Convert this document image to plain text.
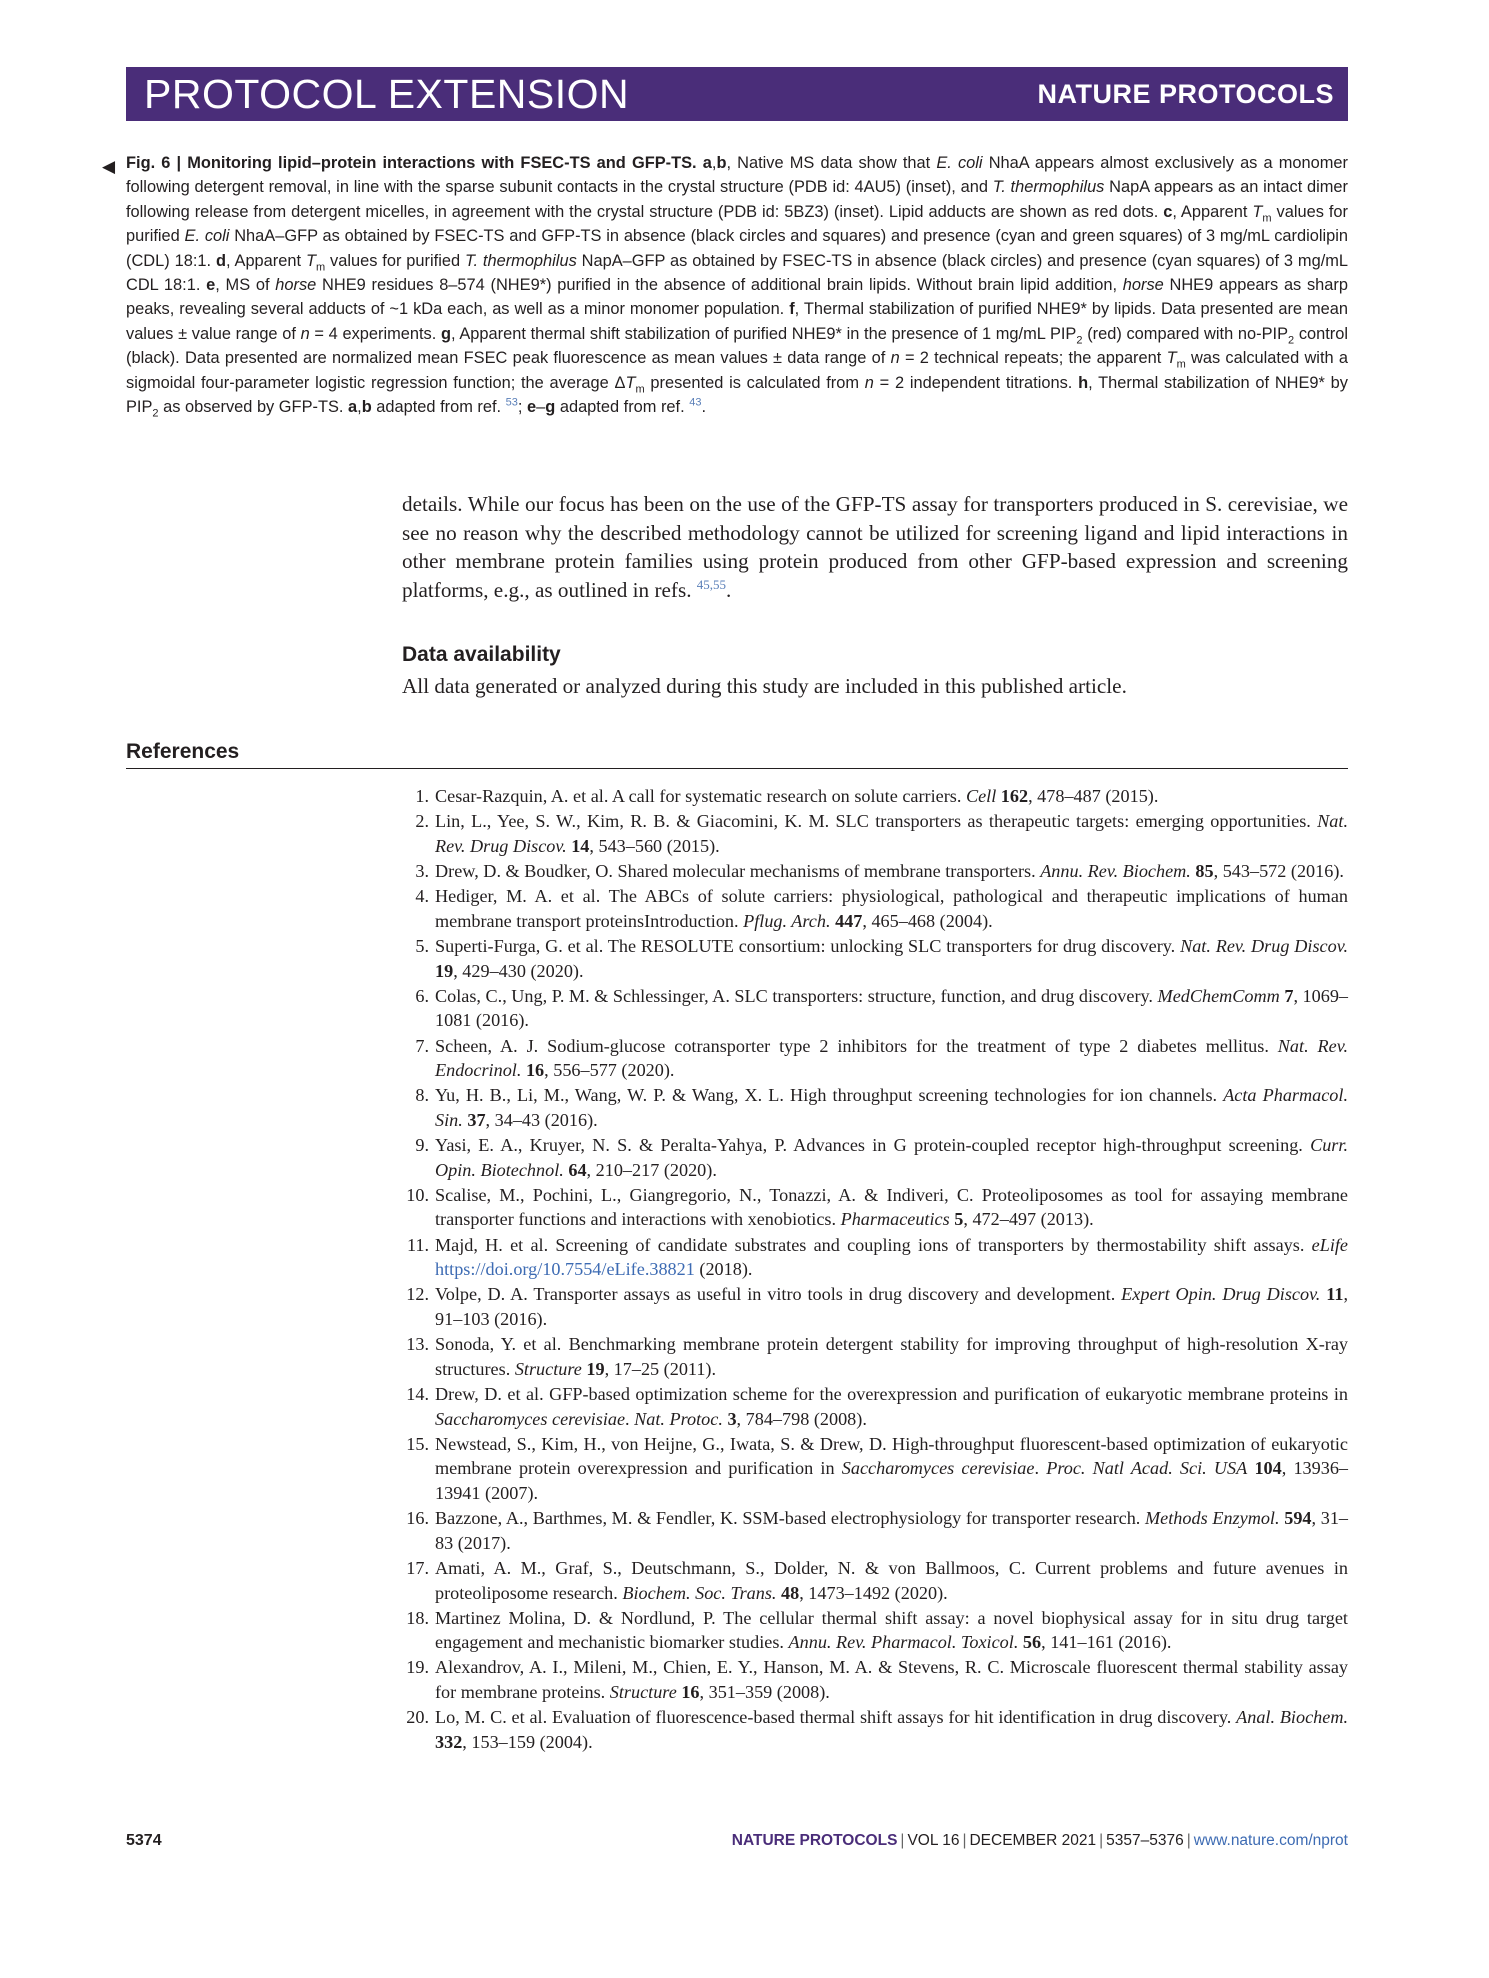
PROTOCOL EXTENSION	NATURE PROTOCOLS
◀ Fig. 6 | Monitoring lipid–protein interactions with FSEC-TS and GFP-TS. a,b, Native MS data show that E. coli NhaA appears almost exclusively as a monomer following detergent removal, in line with the sparse subunit contacts in the crystal structure (PDB id: 4AU5) (inset), and T. thermophilus NapA appears as an intact dimer following release from detergent micelles, in agreement with the crystal structure (PDB id: 5BZ3) (inset). Lipid adducts are shown as red dots. c, Apparent $T_m$ values for purified E. coli NhaA–GFP as obtained by FSEC-TS and GFP-TS in absence (black circles and squares) and presence (cyan and green squares) of 3 mg/mL cardiolipin (CDL) 18:1. d, Apparent $T_m$ values for purified T. thermophilus NapA–GFP as obtained by FSEC-TS in absence (black circles) and presence (cyan squares) of 3 mg/mL CDL 18:1. e, MS of horse NHE9 residues 8–574 (NHE9*) purified in the absence of additional brain lipids. Without brain lipid addition, horse NHE9 appears as sharp peaks, revealing several adducts of ~1 kDa each, as well as a minor monomer population. f, Thermal stabilization of purified NHE9* by lipids. Data presented are mean values ± value range of n = 4 experiments. g, Apparent thermal shift stabilization of purified NHE9* in the presence of 1 mg/mL $PIP_2$ (red) compared with $no-PIP_2$ control (black). Data presented are normalized mean FSEC peak fluorescence as mean values ± data range of n = 2 technical repeats; the apparent $T_m$ was calculated with a sigmoidal four-parameter logistic regression function; the average $\Delta T_m$ presented is calculated from n = 2 independent titrations. h, Thermal stabilization of NHE9* by $PIP_2$ as observed by GFP-TS. a,b adapted from ref. $^{53}$; e–g adapted from ref. $^{43}$.
details. While our focus has been on the use of the GFP-TS assay for transporters produced in S. cerevisiae, we see no reason why the described methodology cannot be utilized for screening ligand and lipid interactions in other membrane protein families using protein produced from other GFP-based expression and screening platforms, e.g., as outlined in refs. $^{45,55}$.
Data availability
All data generated or analyzed during this study are included in this published article.
References
1. Cesar-Razquin, A. et al. A call for systematic research on solute carriers. Cell 162, 478–487 (2015).
2. Lin, L., Yee, S. W., Kim, R. B. & Giacomini, K. M. SLC transporters as therapeutic targets: emerging opportunities. Nat. Rev. Drug Discov. 14, 543–560 (2015).
3. Drew, D. & Boudker, O. Shared molecular mechanisms of membrane transporters. Annu. Rev. Biochem. 85, 543–572 (2016).
4. Hediger, M. A. et al. The ABCs of solute carriers: physiological, pathological and therapeutic implications of human membrane transport proteinsIntroduction. Pflug. Arch. 447, 465–468 (2004).
5. Superti-Furga, G. et al. The RESOLUTE consortium: unlocking SLC transporters for drug discovery. Nat. Rev. Drug Discov. 19, 429–430 (2020).
6. Colas, C., Ung, P. M. & Schlessinger, A. SLC transporters: structure, function, and drug discovery. MedChemComm 7, 1069–1081 (2016).
7. Scheen, A. J. Sodium-glucose cotransporter type 2 inhibitors for the treatment of type 2 diabetes mellitus. Nat. Rev. Endocrinol. 16, 556–577 (2020).
8. Yu, H. B., Li, M., Wang, W. P. & Wang, X. L. High throughput screening technologies for ion channels. Acta Pharmacol. Sin. 37, 34–43 (2016).
9. Yasi, E. A., Kruyer, N. S. & Peralta-Yahya, P. Advances in G protein-coupled receptor high-throughput screening. Curr. Opin. Biotechnol. 64, 210–217 (2020).
10. Scalise, M., Pochini, L., Giangregorio, N., Tonazzi, A. & Indiveri, C. Proteoliposomes as tool for assaying membrane transporter functions and interactions with xenobiotics. Pharmaceutics 5, 472–497 (2013).
11. Majd, H. et al. Screening of candidate substrates and coupling ions of transporters by thermostability shift assays. eLife https://doi.org/10.7554/eLife.38821 (2018).
12. Volpe, D. A. Transporter assays as useful in vitro tools in drug discovery and development. Expert Opin. Drug Discov. 11, 91–103 (2016).
13. Sonoda, Y. et al. Benchmarking membrane protein detergent stability for improving throughput of high-resolution X-ray structures. Structure 19, 17–25 (2011).
14. Drew, D. et al. GFP-based optimization scheme for the overexpression and purification of eukaryotic membrane proteins in Saccharomyces cerevisiae. Nat. Protoc. 3, 784–798 (2008).
15. Newstead, S., Kim, H., von Heijne, G., Iwata, S. & Drew, D. High-throughput fluorescent-based optimization of eukaryotic membrane protein overexpression and purification in Saccharomyces cerevisiae. Proc. Natl Acad. Sci. USA 104, 13936–13941 (2007).
16. Bazzone, A., Barthmes, M. & Fendler, K. SSM-based electrophysiology for transporter research. Methods Enzymol. 594, 31–83 (2017).
17. Amati, A. M., Graf, S., Deutschmann, S., Dolder, N. & von Ballmoos, C. Current problems and future avenues in proteoliposome research. Biochem. Soc. Trans. 48, 1473–1492 (2020).
18. Martinez Molina, D. & Nordlund, P. The cellular thermal shift assay: a novel biophysical assay for in situ drug target engagement and mechanistic biomarker studies. Annu. Rev. Pharmacol. Toxicol. 56, 141–161 (2016).
19. Alexandrov, A. I., Mileni, M., Chien, E. Y., Hanson, M. A. & Stevens, R. C. Microscale fluorescent thermal stability assay for membrane proteins. Structure 16, 351–359 (2008).
20. Lo, M. C. et al. Evaluation of fluorescence-based thermal shift assays for hit identification in drug discovery. Anal. Biochem. 332, 153–159 (2004).
5374	NATURE PROTOCOLS | VOL 16 | DECEMBER 2021 | 5357–5376 | www.nature.com/nprot
